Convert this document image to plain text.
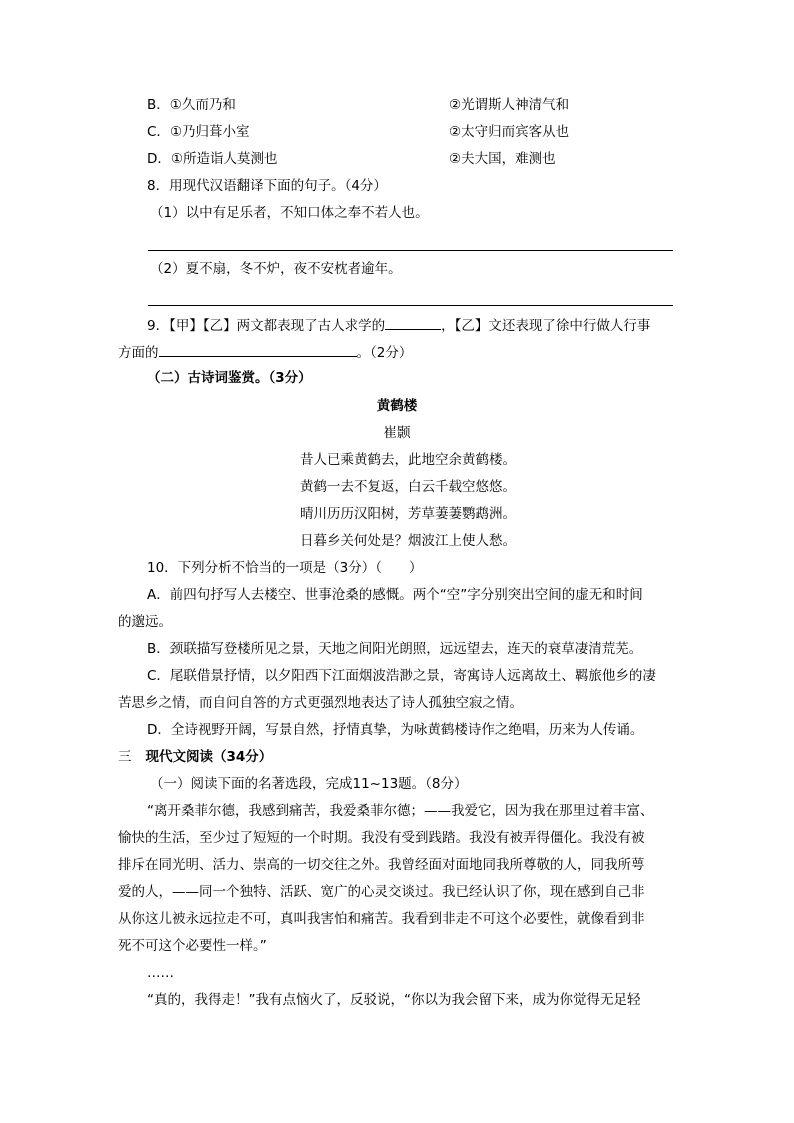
B．①久而乃和	②光谓斯人神清气和
C．①乃归葺小室	②太守归而宾客从也
D．①所造诣人莫测也	②夫大国，难测也
8．用现代汉语翻译下面的句子。（4分）
（1）以中有足乐者，不知口体之奉不若人也。
（2）夏不扇，冬不炉，夜不安枕者逾年。
9．【甲】【乙】两文都表现了古人求学的	，【乙】文还表现了徐中行做人行事
方面的	。（2分）
（二）古诗词鉴赏。（3分）
黄鹤楼
崔颢
昔人已乘黄鹤去，此地空余黄鹤楼。
黄鹤一去不复返，白云千载空悠悠。
晴川历历汉阳树，芳草萋萋鹦鹉洲。
日暮乡关何处是？烟波江上使人愁。
10．下列分析不恰当的一项是（3分）（　　）
A．前四句抒写人去楼空、世事沧桑的感慨。两个“空”字分别突出空间的虚无和时间
的邈远。
B．颈联描写登楼所见之景，天地之间阳光朗照，远远望去，连天的衰草凄清荒芜。
C．尾联借景抒情，以夕阳西下江面烟波浩渺之景，寄寓诗人远离故土、羁旅他乡的凄
苦思乡之情，而自问自答的方式更强烈地表达了诗人孤独空寂之情。
D．全诗视野开阔，写景自然，抒情真挚，为咏黄鹤楼诗作之绝唱，历来为人传诵。
三 现代文阅读（34分）
（一）阅读下面的名著选段，完成11~13题。（8分）
“离开桑菲尔德，我感到痛苦，我爱桑菲尔德；——我爱它，因为我在那里过着丰富、
愉快的生活，至少过了短短的一个时期。我没有受到践踏。我没有被弄得僵化。我没有被
排斥在同光明、活力、崇高的一切交往之外。我曾经面对面地同我所尊敬的人，同我所萼
爱的人，——同一个独特、活跃、宽广的心灵交谈过。我已经认识了你，现在感到自己非
从你这儿被永远拉走不可，真叫我害怕和痛苦。我看到非走不可这个必要性，就像看到非
死不可这个必要性一样。”
……
“真的，我得走！”我有点恼火了，反驳说，“你以为我会留下来，成为你觉得无足轻
